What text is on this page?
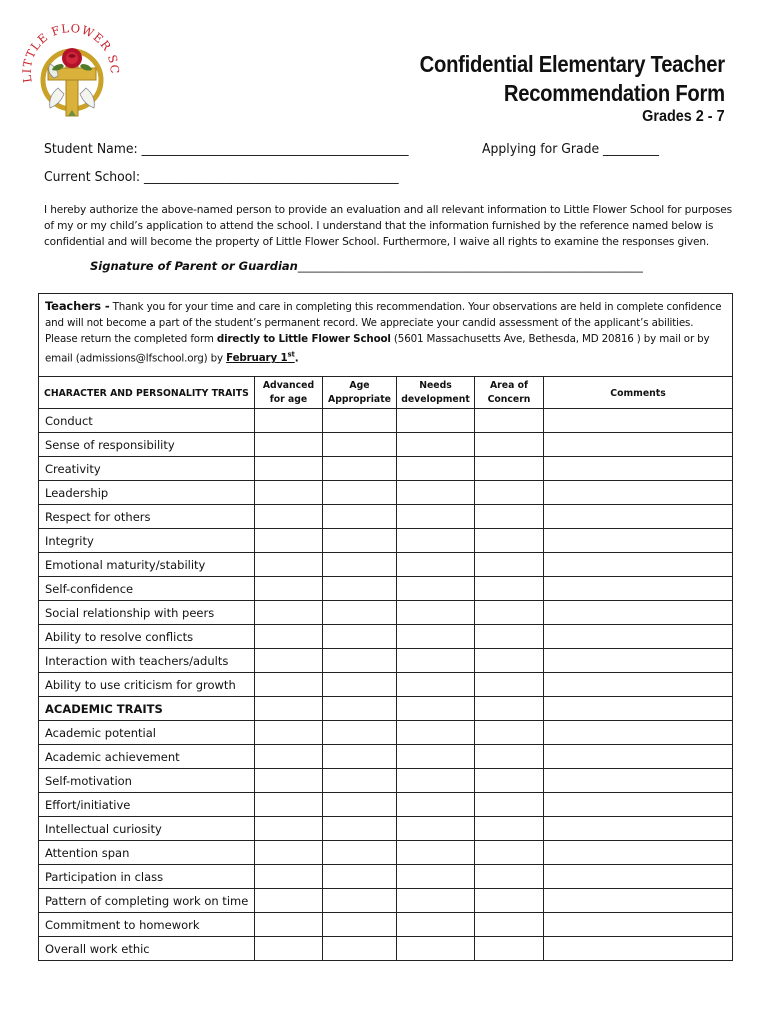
LITTLE FLOWER SC	Confidential Elementary Teacher
Recommendation Form
Grades 2 - 7
Student Name: ___________________________________________	Applying for Grade _________
Current School: _________________________________________
I hereby authorize the above-named person to provide an evaluation and all relevant information to Little Flower School for purposes of my or my child’s application to attend the school. I understand that the information furnished by the reference named below is confidential and will become the property of Little Flower School. Furthermore, I waive all rights to examine the responses given.
Signature of Parent or Guardian____________________________________________________________

Teachers - Thank you for your time and care in completing this recommendation. Your observations are held in complete confidence and will not become a part of the student’s permanent record. We appreciate your candid assessment of the applicant’s abilities. Please return the completed form directly to Little Flower School (5601 Massachusetts Ave, Bethesda, MD 20816 ) by mail or by email (admissions@lfschool.org) by February 1st.

CHARACTER AND PERSONALITY TRAITS	Advanced for age	Age Appropriate	Needs development	Area of Concern	Comments
Conduct					
Sense of responsibility					
Creativity					
Leadership					
Respect for others					
Integrity					
Emotional maturity/stability					
Self-confidence					
Social relationship with peers					
Ability to resolve conflicts					
Interaction with teachers/adults					
Ability to use criticism for growth					
ACADEMIC TRAITS					
Academic potential					
Academic achievement					
Self-motivation					
Effort/initiative					
Intellectual curiosity					
Attention span					
Participation in class					
Pattern of completing work on time					
Commitment to homework					
Overall work ethic					
